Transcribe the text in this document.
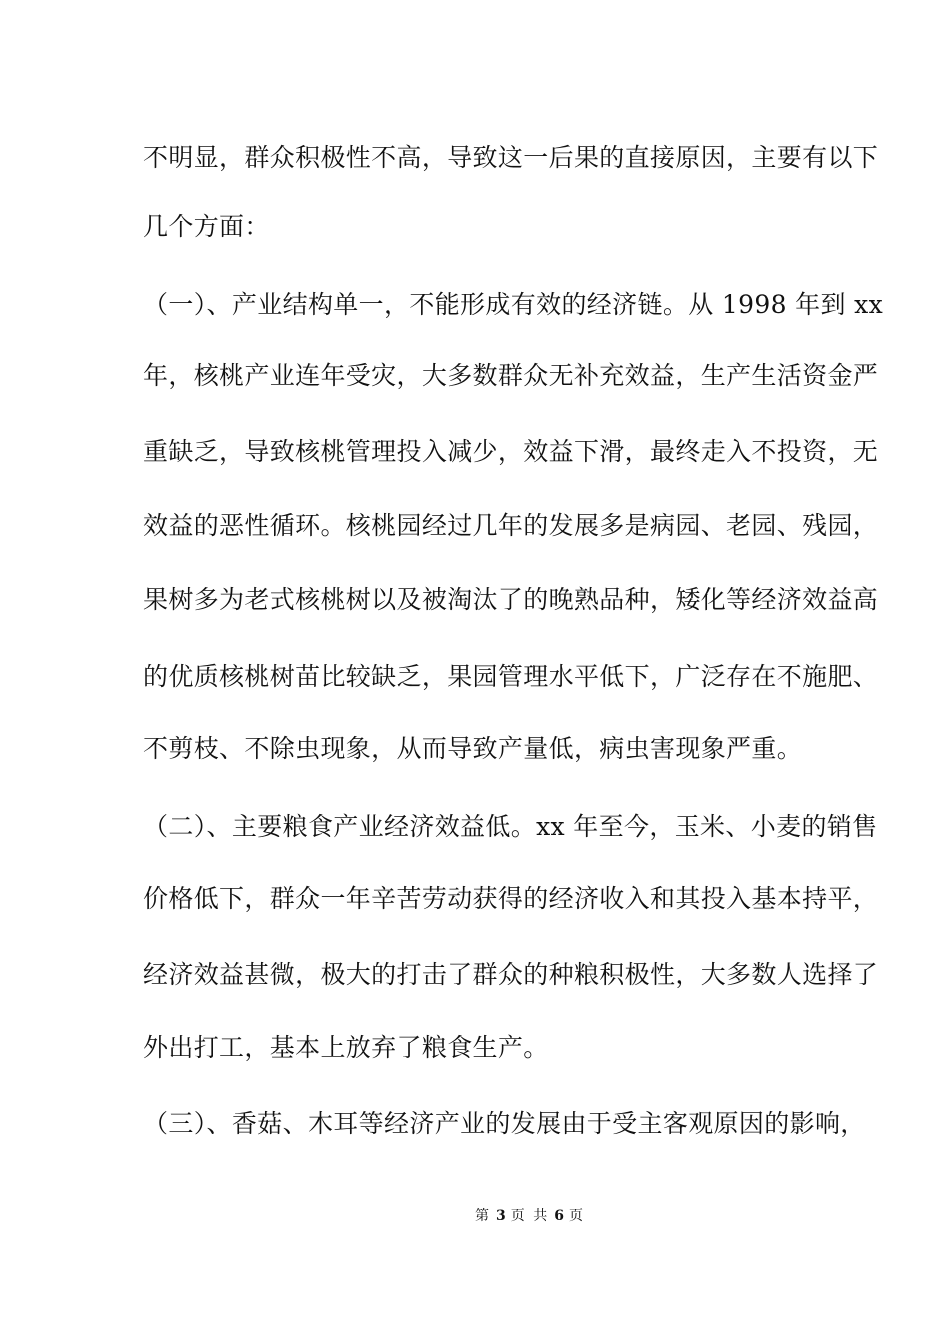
不明显，群众积极性不高，导致这一后果的直接原因，主要有以下
几个方面：
（一）、产业结构单一，不能形成有效的经济链。从 1998 年到 xx
年，核桃产业连年受灾，大多数群众无补充效益，生产生活资金严
重缺乏，导致核桃管理投入减少，效益下滑，最终走入不投资，无
效益的恶性循环。核桃园经过几年的发展多是病园、老园、残园，
果树多为老式核桃树以及被淘汰了的晚熟品种，矮化等经济效益高
的优质核桃树苗比较缺乏，果园管理水平低下，广泛存在不施肥、
不剪枝、不除虫现象，从而导致产量低，病虫害现象严重。
（二）、主要粮食产业经济效益低。xx 年至今，玉米、小麦的销售
价格低下，群众一年辛苦劳动获得的经济收入和其投入基本持平，
经济效益甚微，极大的打击了群众的种粮积极性，大多数人选择了
外出打工，基本上放弃了粮食生产。
（三）、香菇、木耳等经济产业的发展由于受主客观原因的影响，
第 3 页 共 6 页
